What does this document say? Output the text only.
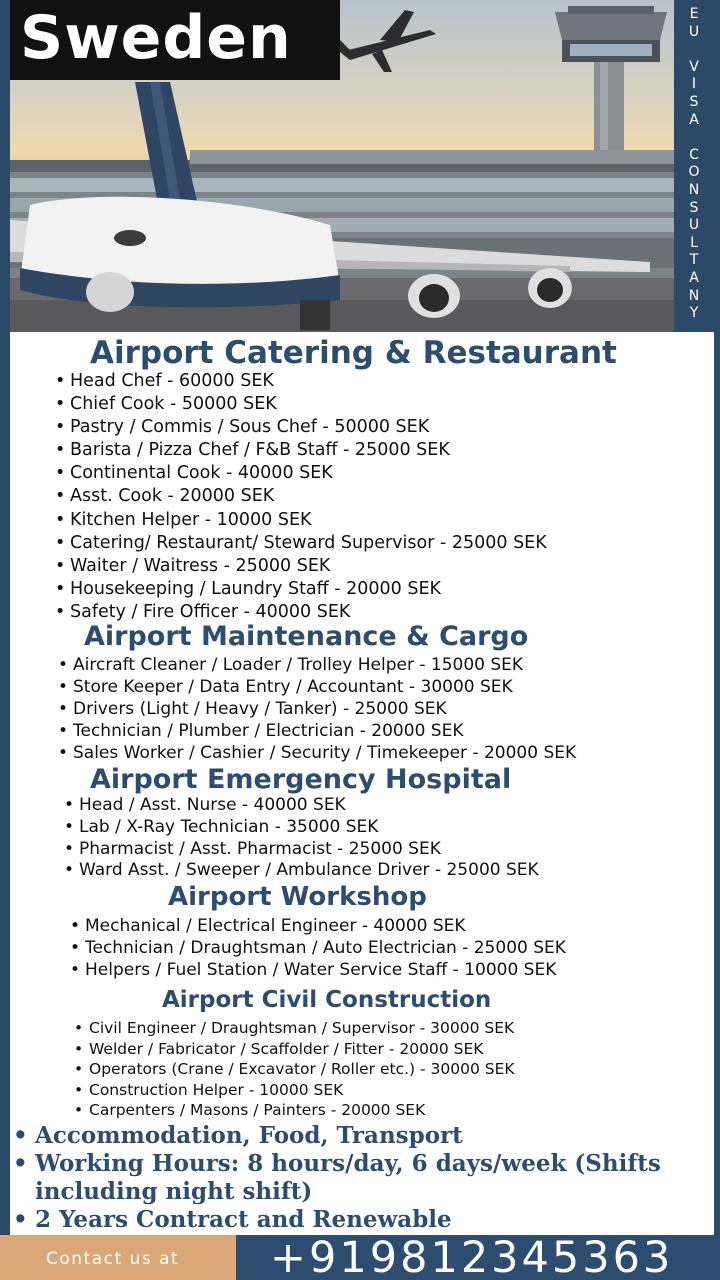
Sweden	E
U

V
I
S
A

C
O
N
S
U
L
T
A
N
Y
Airport Catering & Restaurant
• Head Chef - 60000 SEK
• Chief Cook - 50000 SEK
• Pastry / Commis / Sous Chef - 50000 SEK
• Barista / Pizza Chef / F&B Staff - 25000 SEK
• Continental Cook - 40000 SEK
• Asst. Cook - 20000 SEK
• Kitchen Helper - 10000 SEK
• Catering/ Restaurant/ Steward Supervisor - 25000 SEK
• Waiter / Waitress - 25000 SEK
• Housekeeping / Laundry Staff - 20000 SEK
• Safety / Fire Officer - 40000 SEK
Airport Maintenance & Cargo
• Aircraft Cleaner / Loader / Trolley Helper - 15000 SEK
• Store Keeper / Data Entry / Accountant - 30000 SEK
• Drivers (Light / Heavy / Tanker) - 25000 SEK
• Technician / Plumber / Electrician - 20000 SEK
• Sales Worker / Cashier / Security / Timekeeper - 20000 SEK
Airport Emergency Hospital
• Head / Asst. Nurse - 40000 SEK
• Lab / X-Ray Technician - 35000 SEK
• Pharmacist / Asst. Pharmacist - 25000 SEK
• Ward Asst. / Sweeper / Ambulance Driver - 25000 SEK
Airport Workshop
• Mechanical / Electrical Engineer - 40000 SEK
• Technician / Draughtsman / Auto Electrician - 25000 SEK
• Helpers / Fuel Station / Water Service Staff - 10000 SEK
Airport Civil Construction
• Civil Engineer / Draughtsman / Supervisor - 30000 SEK
• Welder / Fabricator / Scaffolder / Fitter - 20000 SEK
• Operators (Crane / Excavator / Roller etc.) - 30000 SEK
• Construction Helper - 10000 SEK
• Carpenters / Masons / Painters - 20000 SEK
• Accommodation, Food, Transport
• Working Hours: 8 hours/day, 6 days/week (Shifts including night shift)
• 2 Years Contract and Renewable
Contact us at +919812345363
